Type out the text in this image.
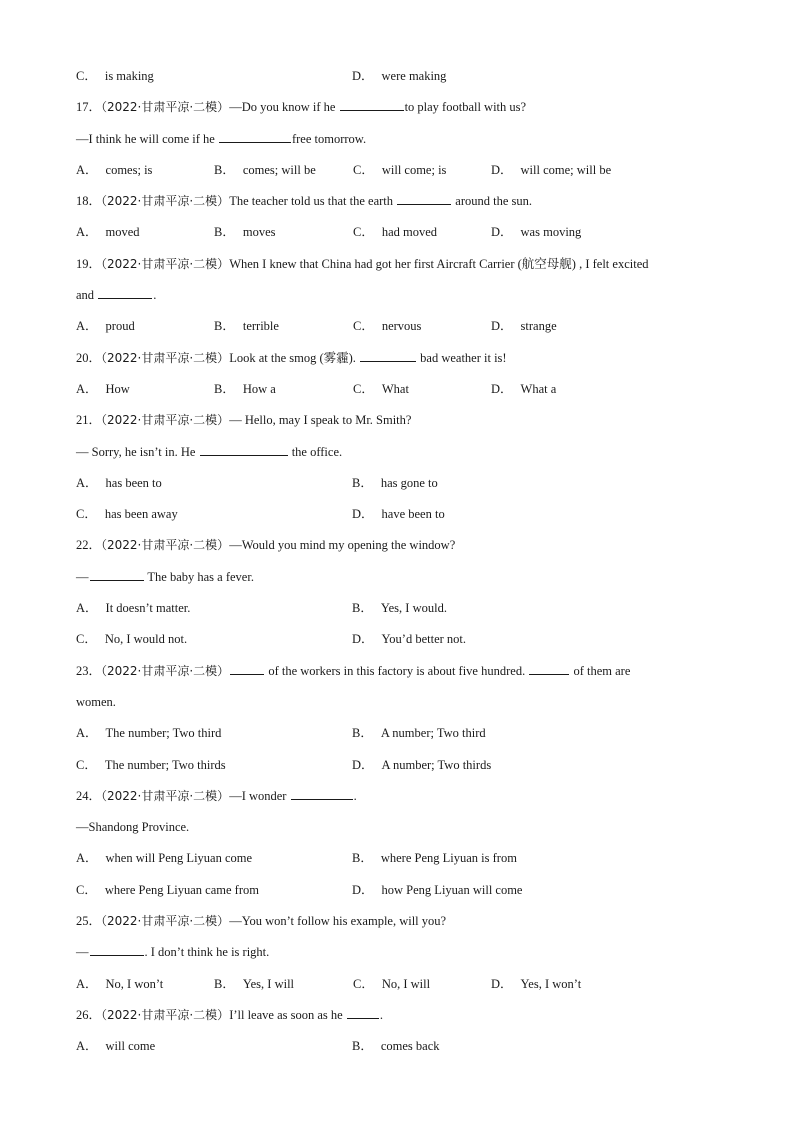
C． is making	D． were making
17．（2022·甘肃平凉·二模）—Do you know if he	to play football with us?
—I think he will come if he	free tomorrow.
A． comes; is	B． comes; will be	C． will come; is	D． will come; will be
18．（2022·甘肃平凉·二模）The teacher told us that the earth	around the sun.
A． moved	B． moves	C． had moved	D． was moving
19．（2022·甘肃平凉·二模）When I knew that China had got her first Aircraft Carrier (航空母舰) , I felt excited
and	.
A． proud	B． terrible	C． nervous	D． strange
20．（2022·甘肃平凉·二模）Look at the smog (雾霾).	bad weather it is!
A． How	B． How a	C． What	D． What a
21．（2022·甘肃平凉·二模）— Hello, may I speak to Mr. Smith?
— Sorry, he isn’t in. He	the office.
A． has been to	B． has gone to
C． has been away	D． have been to
22．（2022·甘肃平凉·二模）—Would you mind my opening the window?
—	The baby has a fever.
A． It doesn’t matter.	B． Yes, I would.
C． No, I would not.	D． You’d better not.
23．（2022·甘肃平凉·二模）	of the workers in this factory is about five hundred.	of them are
women.
A． The number; Two third	B． A number; Two third
C． The number; Two thirds	D． A number; Two thirds
24．（2022·甘肃平凉·二模）—I wonder	.
—Shandong Province.
A． when will Peng Liyuan come	B． where Peng Liyuan is from
C． where Peng Liyuan came from	D． how Peng Liyuan will come
25．（2022·甘肃平凉·二模）—You won’t follow his example, will you?
—	. I don’t think he is right.
A． No, I won’t	B． Yes, I will	C． No, I will	D． Yes, I won’t
26．（2022·甘肃平凉·二模）I’ll leave as soon as he	.
A． will come	B． comes back
